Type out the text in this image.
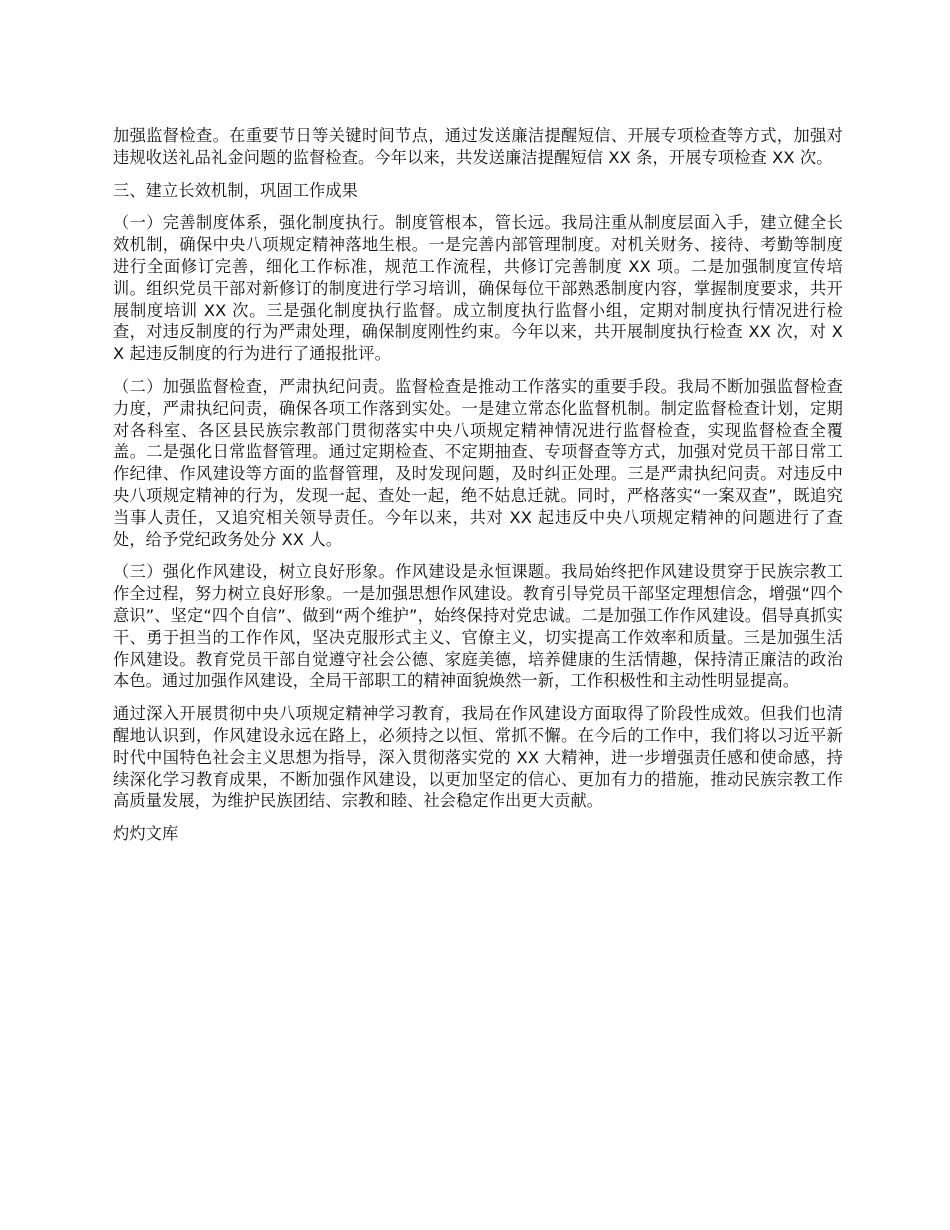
加强监督检查。在重要节日等关键时间节点，通过发送廉洁提醒短信、开展专项检查等方式，加强对违规收送礼品礼金问题的监督检查。今年以来，共发送廉洁提醒短信 XX 条，开展专项检查 XX 次。

三、建立长效机制，巩固工作成果

（一）完善制度体系，强化制度执行。制度管根本，管长远。我局注重从制度层面入手，建立健全长效机制，确保中央八项规定精神落地生根。一是完善内部管理制度。对机关财务、接待、考勤等制度进行全面修订完善，细化工作标准，规范工作流程，共修订完善制度 XX 项。二是加强制度宣传培训。组织党员干部对新修订的制度进行学习培训，确保每位干部熟悉制度内容，掌握制度要求，共开展制度培训 XX 次。三是强化制度执行监督。成立制度执行监督小组，定期对制度执行情况进行检查，对违反制度的行为严肃处理，确保制度刚性约束。今年以来，共开展制度执行检查 XX 次，对 XX 起违反制度的行为进行了通报批评。

（二）加强监督检查，严肃执纪问责。监督检查是推动工作落实的重要手段。我局不断加强监督检查力度，严肃执纪问责，确保各项工作落到实处。一是建立常态化监督机制。制定监督检查计划，定期对各科室、各区县民族宗教部门贯彻落实中央八项规定精神情况进行监督检查，实现监督检查全覆盖。二是强化日常监督管理。通过定期检查、不定期抽查、专项督查等方式，加强对党员干部日常工作纪律、作风建设等方面的监督管理，及时发现问题，及时纠正处理。三是严肃执纪问责。对违反中央八项规定精神的行为，发现一起、查处一起，绝不姑息迁就。同时，严格落实“一案双查”，既追究当事人责任，又追究相关领导责任。今年以来，共对 XX 起违反中央八项规定精神的问题进行了查处，给予党纪政务处分 XX 人。

（三）强化作风建设，树立良好形象。作风建设是永恒课题。我局始终把作风建设贯穿于民族宗教工作全过程，努力树立良好形象。一是加强思想作风建设。教育引导党员干部坚定理想信念，增强“四个意识”、坚定“四个自信”、做到“两个维护”，始终保持对党忠诚。二是加强工作作风建设。倡导真抓实干、勇于担当的工作作风，坚决克服形式主义、官僚主义，切实提高工作效率和质量。三是加强生活作风建设。教育党员干部自觉遵守社会公德、家庭美德，培养健康的生活情趣，保持清正廉洁的政治本色。通过加强作风建设，全局干部职工的精神面貌焕然一新，工作积极性和主动性明显提高。

通过深入开展贯彻中央八项规定精神学习教育，我局在作风建设方面取得了阶段性成效。但我们也清醒地认识到，作风建设永远在路上，必须持之以恒、常抓不懈。在今后的工作中，我们将以习近平新时代中国特色社会主义思想为指导，深入贯彻落实党的 XX 大精神，进一步增强责任感和使命感，持续深化学习教育成果，不断加强作风建设，以更加坚定的信心、更加有力的措施，推动民族宗教工作高质量发展，为维护民族团结、宗教和睦、社会稳定作出更大贡献。

灼灼文库
